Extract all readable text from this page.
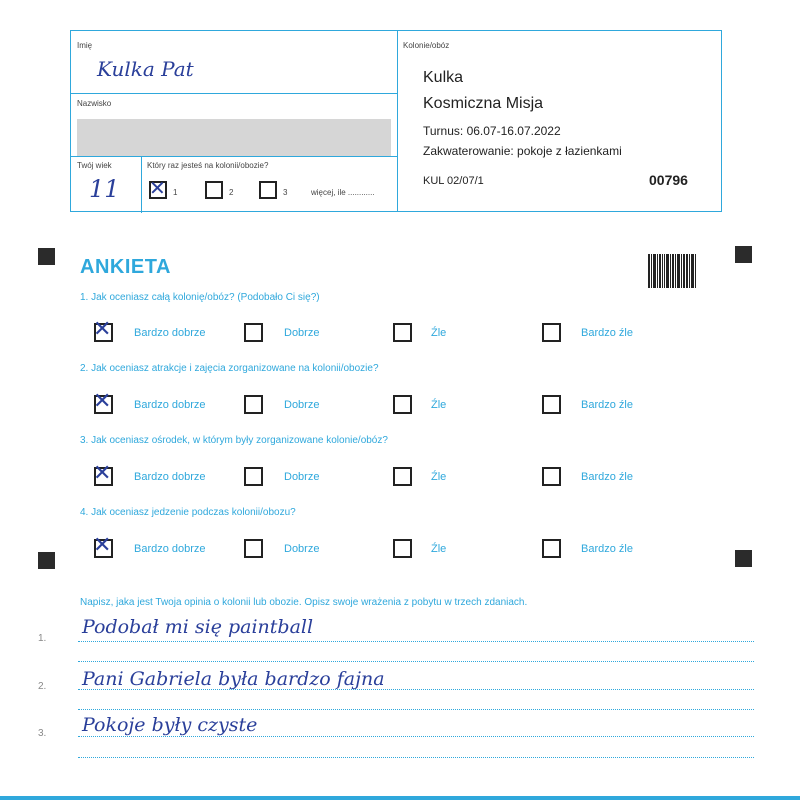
Imię
Kulka Pat
Nazwisko
Twój wiek
11
Który raz jesteś na kolonii/obozie?
✕ 1	2	3	więcej, ile ............
Kolonie/obóz
Kulka
Kosmiczna Misja
Turnus: 06.07-16.07.2022
Zakwaterowanie: pokoje z łazienkami
KUL 02/07/1	00796
ANKIETA
1. Jak oceniasz całą kolonię/obóz? (Podobało Ci się?)
✕ Bardzo dobrze	Dobrze	Źle	Bardzo źle
2. Jak oceniasz atrakcje i zajęcia zorganizowane na kolonii/obozie?
✕ Bardzo dobrze	Dobrze	Źle	Bardzo źle
3. Jak oceniasz ośrodek, w którym były zorganizowane kolonie/obóz?
✕ Bardzo dobrze	Dobrze	Źle	Bardzo źle
4. Jak oceniasz jedzenie podczas kolonii/obozu?
✕ Bardzo dobrze	Dobrze	Źle	Bardzo źle
Napisz, jaka jest Twoja opinia o kolonii lub obozie. Opisz swoje wrażenia z pobytu w trzech zdaniach.
1.
Podobał mi się paintball
2. Pani Gabriela była bardzo fajna
3. Pokoje były czyste
